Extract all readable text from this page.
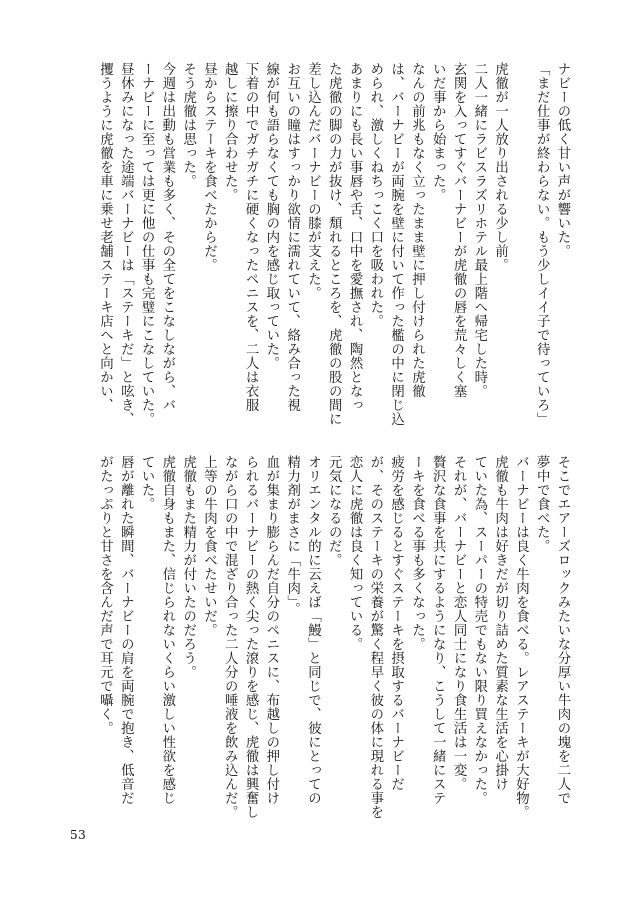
ナビーの低く甘い声が響いた。
「まだ仕事が終わらない。もう少しイイ子で待っていろ」

虎徹が一人放り出される少し前。
二人一緒にラビスラズリホテル最上階へ帰宅した時。
玄関を入ってすぐバーナビーが虎徹の唇を荒々しく塞
いだ事から始まった。
なんの前兆もなく立ったまま壁に押し付けられた虎徹
は、バーナビーが両腕を壁に付いて作った檻の中に閉じ込
められ、激しくねちっこく口を吸われた。
あまりにも長い事唇や舌、口中を愛撫され、陶然となっ
た虎徹の脚の力が抜け、頽れるところを、虎徹の股の間に
差し込んだバーナビーの膝が支えた。
お互いの瞳はすっかり欲情に濡れていて、絡み合った視
線が何も語らなくても胸の内を感じ取っていた。
下着の中でガチガチに硬くなったペニスを、二人は衣服
越しに擦り合わせた。
昼からステーキを食べたからだ。
そう虎徹は思った。
今週は出動も営業も多く、その全てをこなしながら、バ
ーナビーに至っては更に他の仕事も完璧にこなしていた。
昼休みになった途端バーナビーは「ステーキだ」と呟き、
攫うように虎徹を車に乗せ老舗ステーキ店へと向かい、
そこでエアーズロックみたいな分厚い牛肉の塊を二人で
夢中で食べた。
バーナビーは良く牛肉を食べる。レアステーキが大好物。
虎徹も牛肉は好きだが切り詰めた質素な生活を心掛け
ていた為、スーパーの特売でもない限り買えなかった。
それが、バーナビーと恋人同士になり食生活は一変。
贅沢な食事を共にするようになり、こうして一緒にステ
ーキを食べる事も多くなった。
疲労を感じるとすぐステーキを摂取するバーナビーだ
が、そのステーキの栄養が驚く程早く彼の体に現れる事を
恋人に虎徹は良く知っている。
元気になるのだ。
オリエンタル的に云えば「鰻」と同じで、彼にとっての
精力剤がまさに「牛肉」。
血が集まり膨らんだ自分のペニスに、布越しの押し付け
られるバーナビーの熱く尖った滾りを感じ、虎徹は興奮し
ながら口の中で混ざり合った二人分の唾液を飲み込んだ。
上等の牛肉を食べたせいだ。
虎徹もまた精力が付いたのだろう。
虎徹自身もまた、信じられないくらい激しい性欲を感じ
ていた。
唇が離れた瞬間、バーナビーの肩を両腕で抱き、低音だ
がたっぷりと甘さを含んだ声で耳元で囁く。
53
